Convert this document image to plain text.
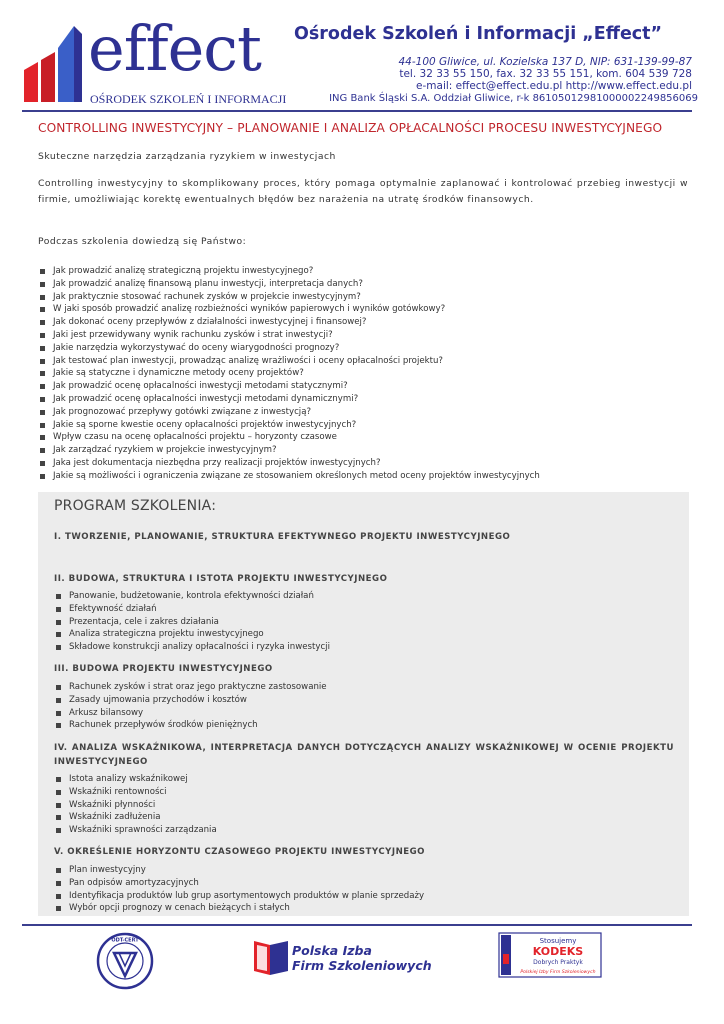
effect
OŚRODEK SZKOLEŃ I INFORMACJI
Ośrodek Szkoleń i Informacji „Effect”
44-100 Gliwice, ul. Kozielska 137 D, NIP: 631-139-99-87
tel. 32 33 55 150, fax. 32 33 55 151, kom. 604 539 728
e-mail: effect@effect.edu.pl http://www.effect.edu.pl
ING Bank Śląski S.A. Oddział Gliwice, r-k 86105012981000002249856069
CONTROLLING INWESTYCYJNY – PLANOWANIE I ANALIZA OPŁACALNOŚCI PROCESU INWESTYCYJNEGO
Skuteczne narzędzia zarządzania ryzykiem w inwestycjach
Controlling inwestycyjny to skomplikowany proces, który pomaga optymalnie zaplanować i kontrolować przebieg inwestycji w firmie, umożliwiając korektę ewentualnych błędów bez narażenia na utratę środków finansowych.
Podczas szkolenia dowiedzą się Państwo:
Jak prowadzić analizę strategiczną projektu inwestycyjnego?
Jak prowadzić analizę finansową planu inwestycji, interpretacja danych?
Jak praktycznie stosować rachunek zysków w projekcie inwestycyjnym?
W jaki sposób prowadzić analizę rozbieżności wyników papierowych i wyników gotówkowy?
Jak dokonać oceny przepływów z działalności inwestycyjnej i finansowej?
Jaki jest przewidywany wynik rachunku zysków i strat inwestycji?
Jakie narzędzia wykorzystywać do oceny wiarygodności prognozy?
Jak testować plan inwestycji, prowadząc analizę wrażliwości i oceny opłacalności projektu?
Jakie są statyczne i dynamiczne metody oceny projektów?
Jak prowadzić ocenę opłacalności inwestycji metodami statycznymi?
Jak prowadzić ocenę opłacalności inwestycji metodami dynamicznymi?
Jak prognozować przepływy gotówki związane z inwestycją?
Jakie są sporne kwestie oceny opłacalności projektów inwestycyjnych?
Wpływ czasu na ocenę opłacalności projektu – horyzonty czasowe
Jak zarządzać ryzykiem w projekcie inwestycyjnym?
Jaka jest dokumentacja niezbędna przy realizacji projektów inwestycyjnych?
Jakie są możliwości i ograniczenia związane ze stosowaniem określonych metod oceny projektów inwestycyjnych
PROGRAM SZKOLENIA:
I. TWORZENIE, PLANOWANIE, STRUKTURA EFEKTYWNEGO PROJEKTU INWESTYCYJNEGO
II. BUDOWA, STRUKTURA I ISTOTA PROJEKTU INWESTYCYJNEGO
Panowanie, budżetowanie, kontrola efektywności działań
Efektywność działań
Prezentacja, cele i zakres działania
Analiza strategiczna projektu inwestycyjnego
Składowe konstrukcji analizy opłacalności i ryzyka inwestycji
III. BUDOWA PROJEKTU INWESTYCYJNEGO
Rachunek zysków i strat oraz jego praktyczne zastosowanie
Zasady ujmowania przychodów i kosztów
Arkusz bilansowy
Rachunek przepływów środków pieniężnych
IV. ANALIZA WSKAŹNIKOWA, INTERPRETACJA DANYCH DOTYCZĄCYCH ANALIZY WSKAŹNIKOWEJ W OCENIE PROJEKTU INWESTYCYJNEGO
Istota analizy wskaźnikowej
Wskaźniki rentowności
Wskaźniki płynności
Wskaźniki zadłużenia
Wskaźniki sprawności zarządzania
V. OKREŚLENIE HORYZONTU CZASOWEGO PROJEKTU INWESTYCYJNEGO
Plan inwestycyjny
Pan odpisów amortyzacyjnych
Identyfikacja produktów lub grup asortymentowych produktów w planie sprzedaży
Wybór opcji prognozy w cenach bieżących i stałych
ODT-CERT
Polska Izba
Firm Szkoleniowych
Stosujemy
KODEKS
Dobrych Praktyk
Polskiej Izby Firm Szkoleniowych
